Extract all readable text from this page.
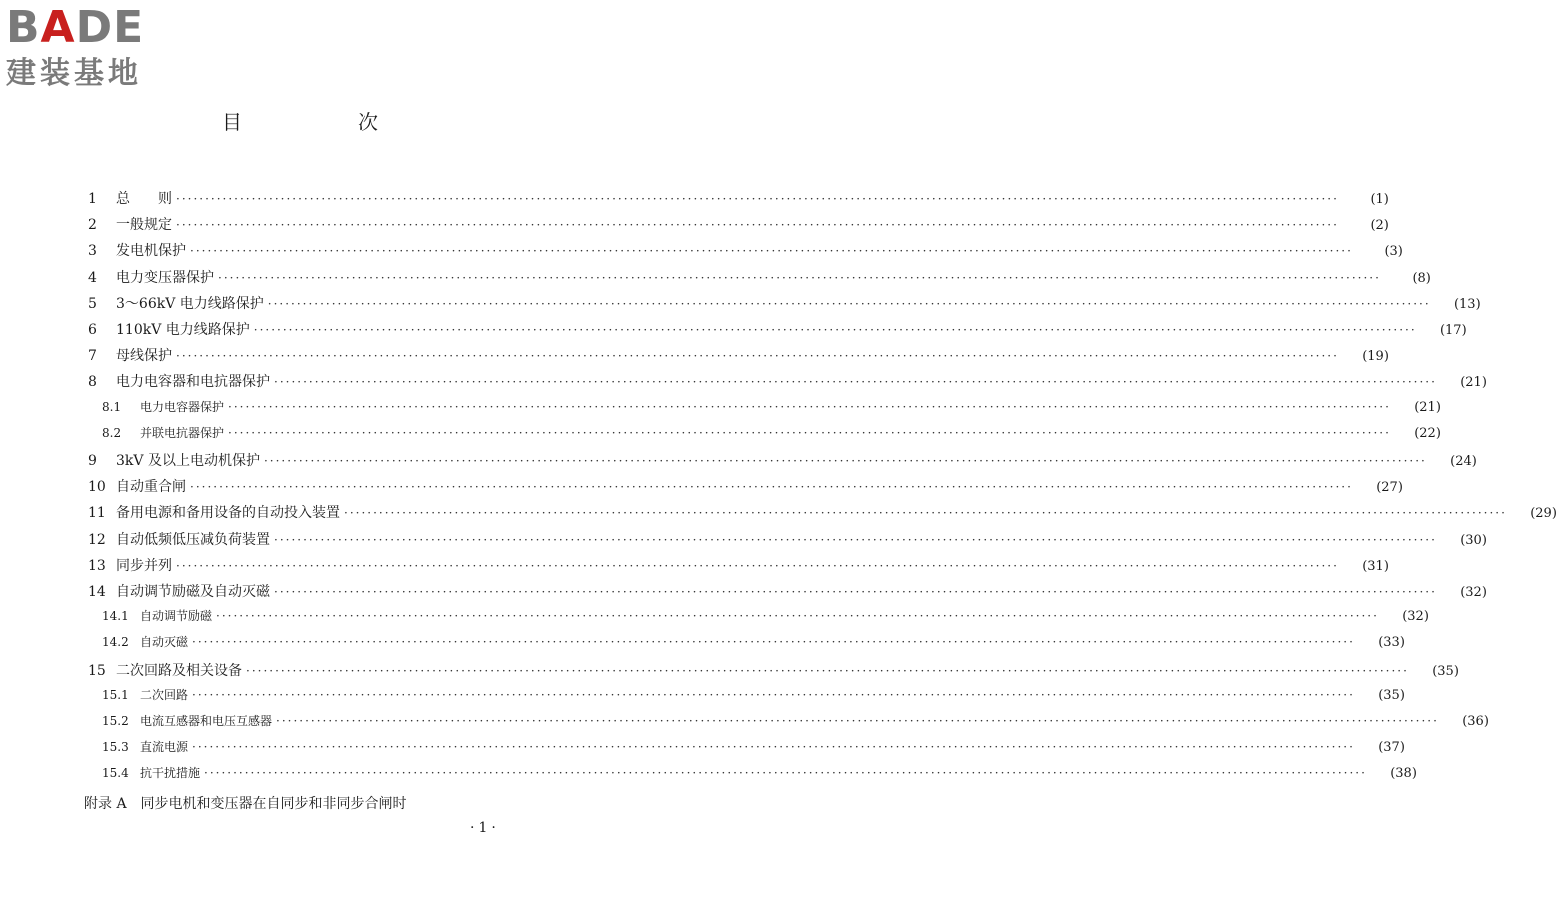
BADE
建装基地
目　次
1	总　　则 ········································································································································································································	(1)
2	一般规定 ········································································································································································································	(2)
3	发电机保护 ········································································································································································································	(3)
4	电力变压器保护 ········································································································································································································	(8)
5	3～66kV 电力线路保护 ········································································································································································································	(13)
6	110kV 电力线路保护 ········································································································································································································	(17)
7	母线保护 ········································································································································································································	(19)
8	电力电容器和电抗器保护 ········································································································································································································	(21)
8.1	电力电容器保护 ········································································································································································································	(21)
8.2	并联电抗器保护 ········································································································································································································	(22)
9	3kV 及以上电动机保护 ········································································································································································································	(24)
10 自动重合闸 ········································································································································································································	(27)
11 备用电源和备用设备的自动投入装置 ········································································································································································································	(29)
12 自动低频低压减负荷装置 ········································································································································································································	(30)
13 同步并列 ········································································································································································································	(31)
14 自动调节励磁及自动灭磁 ········································································································································································································	(32)
14.1 自动调节励磁 ········································································································································································································	(32)
14.2 自动灭磁 ········································································································································································································	(33)
15 二次回路及相关设备 ········································································································································································································	(35)
15.1 二次回路 ········································································································································································································	(35)
15.2 电流互感器和电压互感器 ········································································································································································································	(36)
15.3 直流电源 ········································································································································································································	(37)
15.4 抗干扰措施 ········································································································································································································	(38)
附录 A　同步电机和变压器在自同步和非同步合闸时
·1·
